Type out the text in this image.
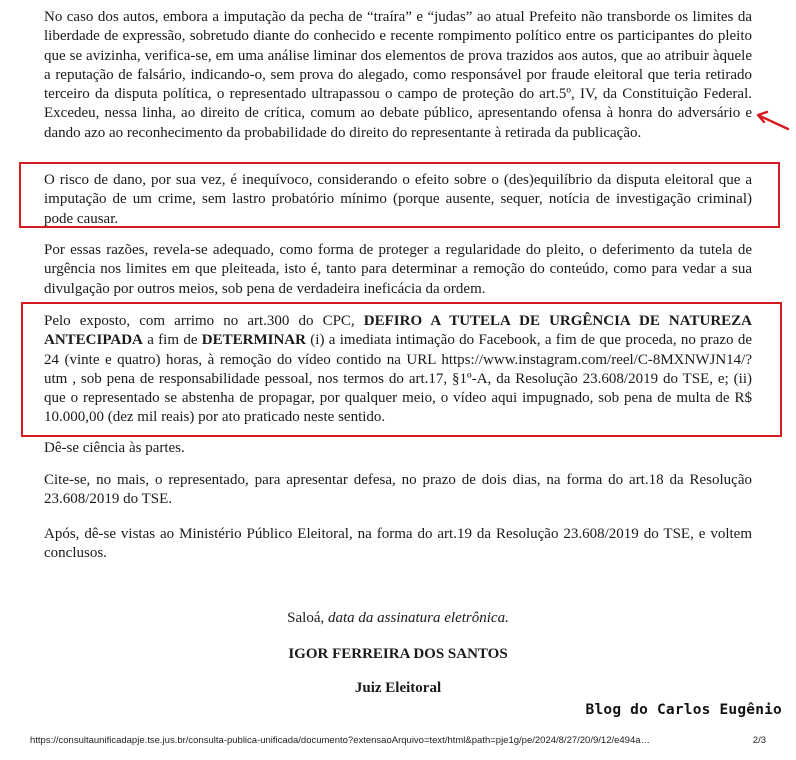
No caso dos autos, embora a imputação da pecha de “traíra” e “judas” ao atual Prefeito não transborde os limites da liberdade de expressão, sobretudo diante do conhecido e recente rompimento político entre os participantes do pleito que se avizinha, verifica-se, em uma análise liminar dos elementos de prova trazidos aos autos, que ao atribuir àquele a reputação de falsário, indicando-o, sem prova do alegado, como responsável por fraude eleitoral que teria retirado terceiro da disputa política, o representado ultrapassou o campo de proteção do art.5º, IV, da Constituição Federal. Excedeu, nessa linha, ao direito de crítica, comum ao debate público, apresentando ofensa à honra do adversário e dando azo ao reconhecimento da probabilidade do direito do representante à retirada da publicação.

O risco de dano, por sua vez, é inequívoco, considerando o efeito sobre o (des)equilíbrio da disputa eleitoral que a imputação de um crime, sem lastro probatório mínimo (porque ausente, sequer, notícia de investigação criminal) pode causar.

Por essas razões, revela-se adequado, como forma de proteger a regularidade do pleito, o deferimento da tutela de urgência nos limites em que pleiteada, isto é, tanto para determinar a remoção do conteúdo, como para vedar a sua divulgação por outros meios, sob pena de verdadeira ineficácia da ordem.

Pelo exposto, com arrimo no art.300 do CPC, DEFIRO A TUTELA DE URGÊNCIA DE NATUREZA ANTECIPADA a fim de DETERMINAR (i) a imediata intimação do Facebook, a fim de que proceda, no prazo de 24 (vinte e quatro) horas, à remoção do vídeo contido na URL https://www.instagram.com/reel/C-8MXNWJN14/?utm , sob pena de responsabilidade pessoal, nos termos do art.17, §1º-A, da Resolução 23.608/2019 do TSE, e; (ii) que o representado se abstenha de propagar, por qualquer meio, o vídeo aqui impugnado, sob pena de multa de R$ 10.000,00 (dez mil reais) por ato praticado neste sentido.

Dê-se ciência às partes.

Cite-se, no mais, o representado, para apresentar defesa, no prazo de dois dias, na forma do art.18 da Resolução 23.608/2019 do TSE.

Após, dê-se vistas ao Ministério Público Eleitoral, na forma do art.19 da Resolução 23.608/2019 do TSE, e voltem conclusos.

Saloá, data da assinatura eletrônica.
IGOR FERREIRA DOS SANTOS
Juiz Eleitoral
Blog do Carlos Eugênio
https://consultaunificadapje.tse.jus.br/consulta-publica-unificada/documento?extensaoArquivo=text/html&path=pje1g/pe/2024/8/27/20/9/12/e494a…	2/3
